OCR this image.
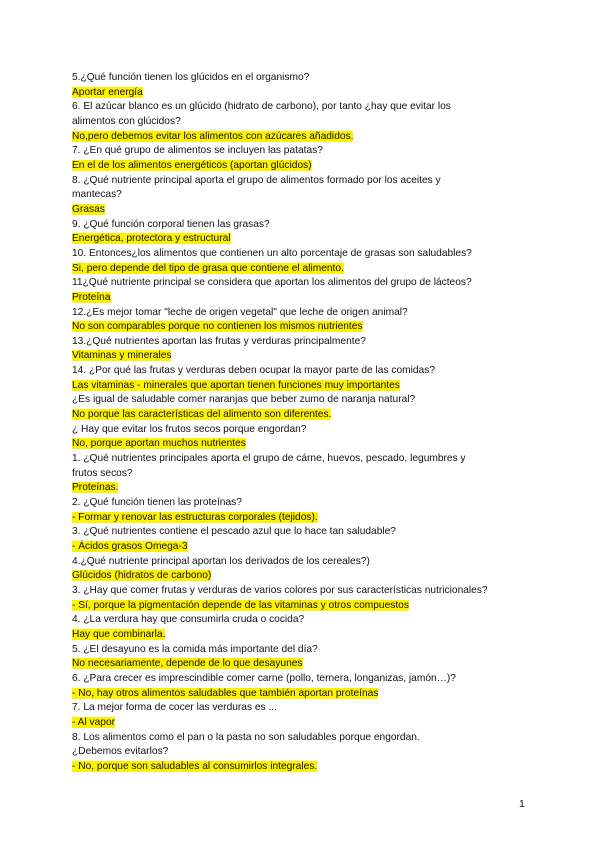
5.¿Qué función tienen los glúcidos en el organismo?
Aportar energía
6. El azúcar blanco es un glúcido (hidrato de carbono), por tanto ¿hay que evitar los
alimentos con glúcidos?
No,pero debemos evitar los alimentos con azúcares añadidos.
7. ¿En qué grupo de alimentos se incluyen las patatas?
En el de los alimentos energéticos (aportan glúcidos)
8. ¿Qué nutriente principal aporta el grupo de alimentos formado por los aceites y
mantecas?
Grasas
9. ¿Qué función corporal tienen las grasas?
Energética, protectora y estructural
10. Entonces¿los alimentos que contienen un alto porcentaje de grasas son saludables?
Si, pero depende del tipo de grasa que contiene el alimento.
11¿Qué nutriente principal se considera que aportan los alimentos del grupo de lácteos?
Proteína
12.¿Es mejor tomar "leche de origen vegetal" que leche de origen animal?
No son comparables porque no contienen los mismos nutrientes
13.¿Qué nutrientes aportan las frutas y verduras principalmente?
Vitaminas y minerales
14. ¿Por qué las frutas y verduras deben ocupar la mayor parte de las comidas?
Las vitaminas - minerales que aportan tienen funciones muy importantes
¿Es igual de saludable comer naranjas que beber zumo de naranja natural?
No porque las características del alimento son diferentes.
¿ Hay que evitar los frutos secos porque engordan?
No, porque aportan muchos nutrientes
1. ¿Qué nutrientes principales aporta el grupo de cárne, huevos, pescado, legumbres y
frutos secos?
Proteínas.
2. ¿Qué función tienen las proteínas?
- Formar y renovar las estructuras corporales (tejidos).
3. ¿Qué nutrientes contiene el pescado azul que lo hace tan saludable?
- Ácidos grasos Omega-3
4.¿Qué nutriente principal aportan los derivados de los cereales?)
Glúcidos (hidratos de carbono)
3. ¿Hay que comer frutas y verduras de varios colores por sus características nutricionales?
- Sí, porque la pigmentación depende de las vitaminas y otros compuestos
4. ¿La verdura hay que consumirla cruda o cocida?
Hay que combinarla.
5. ¿El desayuno es la comida más importante del día?
No necesariamente, depende de lo que desayunes
6. ¿Para crecer es imprescindible comer carne (pollo, ternera, longanizas, jamón…)?
- No, hay otros alimentos saludables que también aportan proteínas
7. La mejor forma de cocer las verduras es ...
- Al vapor
8. Los alimentos como el pan o la pasta no son saludables porque engordan.
¿Debemos evitarlos?
- No, porque son saludables al consumirlos integrales.
1
